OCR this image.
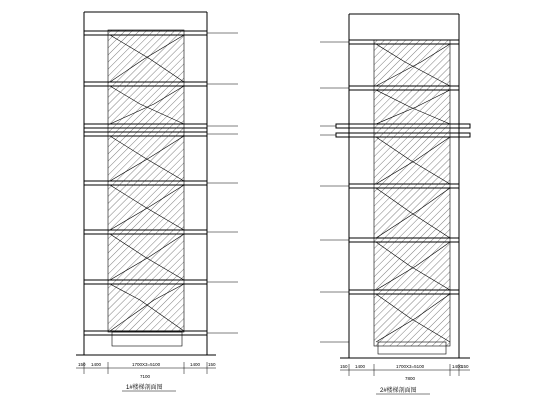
150 1400	1700X3=5100	1400 150
7100
1#楼梯剖面图
150 1400	1700X3=5100	1400
150
7800
2#楼梯剖面图
